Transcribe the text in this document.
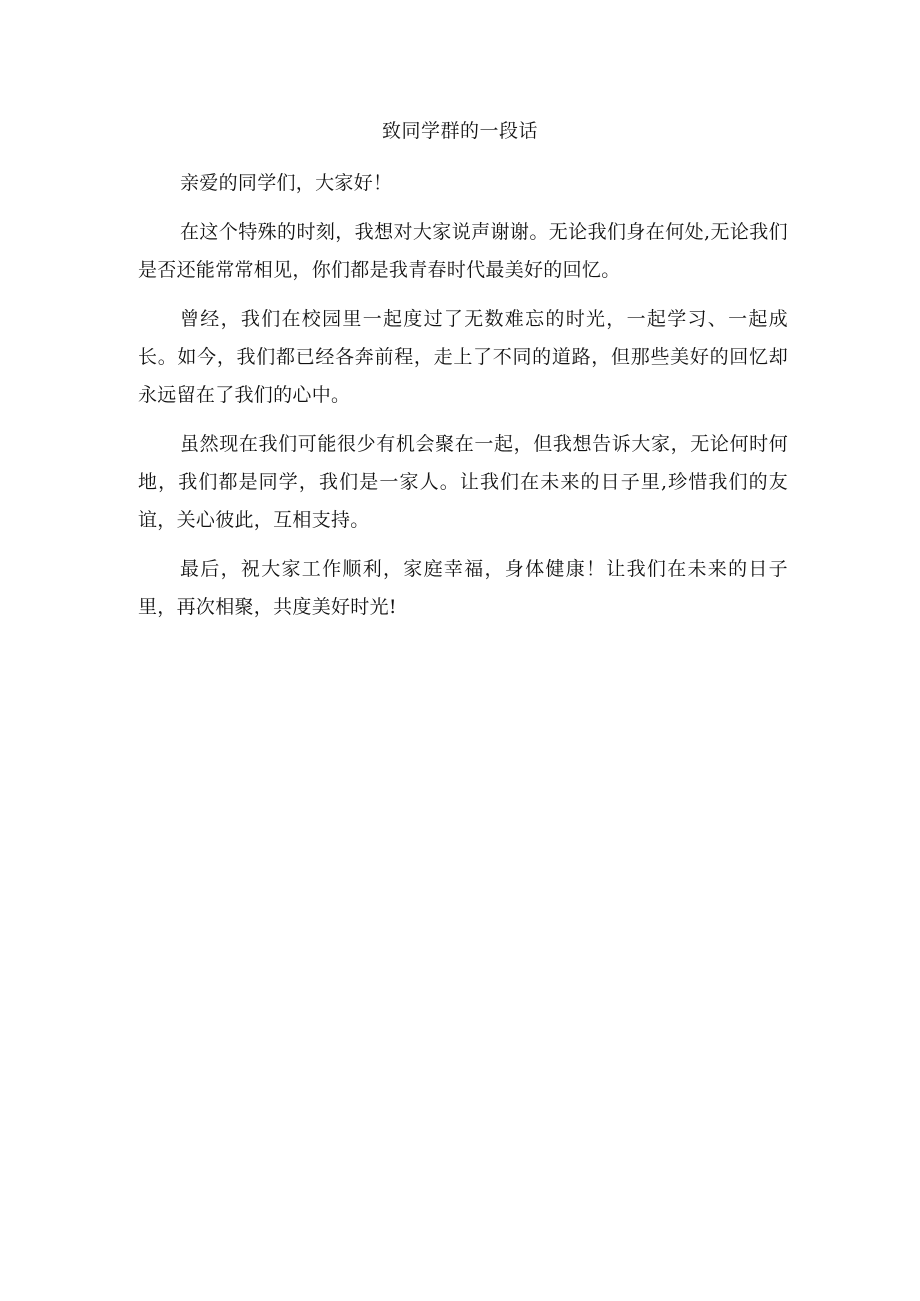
致同学群的一段话

亲爱的同学们，大家好！

在这个特殊的时刻，我想对大家说声谢谢。无论我们身在何处,无论我们是否还能常常相见，你们都是我青春时代最美好的回忆。

曾经，我们在校园里一起度过了无数难忘的时光，一起学习、一起成长。如今，我们都已经各奔前程，走上了不同的道路，但那些美好的回忆却永远留在了我们的心中。

虽然现在我们可能很少有机会聚在一起，但我想告诉大家，无论何时何地，我们都是同学，我们是一家人。让我们在未来的日子里,珍惜我们的友谊，关心彼此，互相支持。

最后，祝大家工作顺利，家庭幸福，身体健康！让我们在未来的日子里，再次相聚，共度美好时光!
